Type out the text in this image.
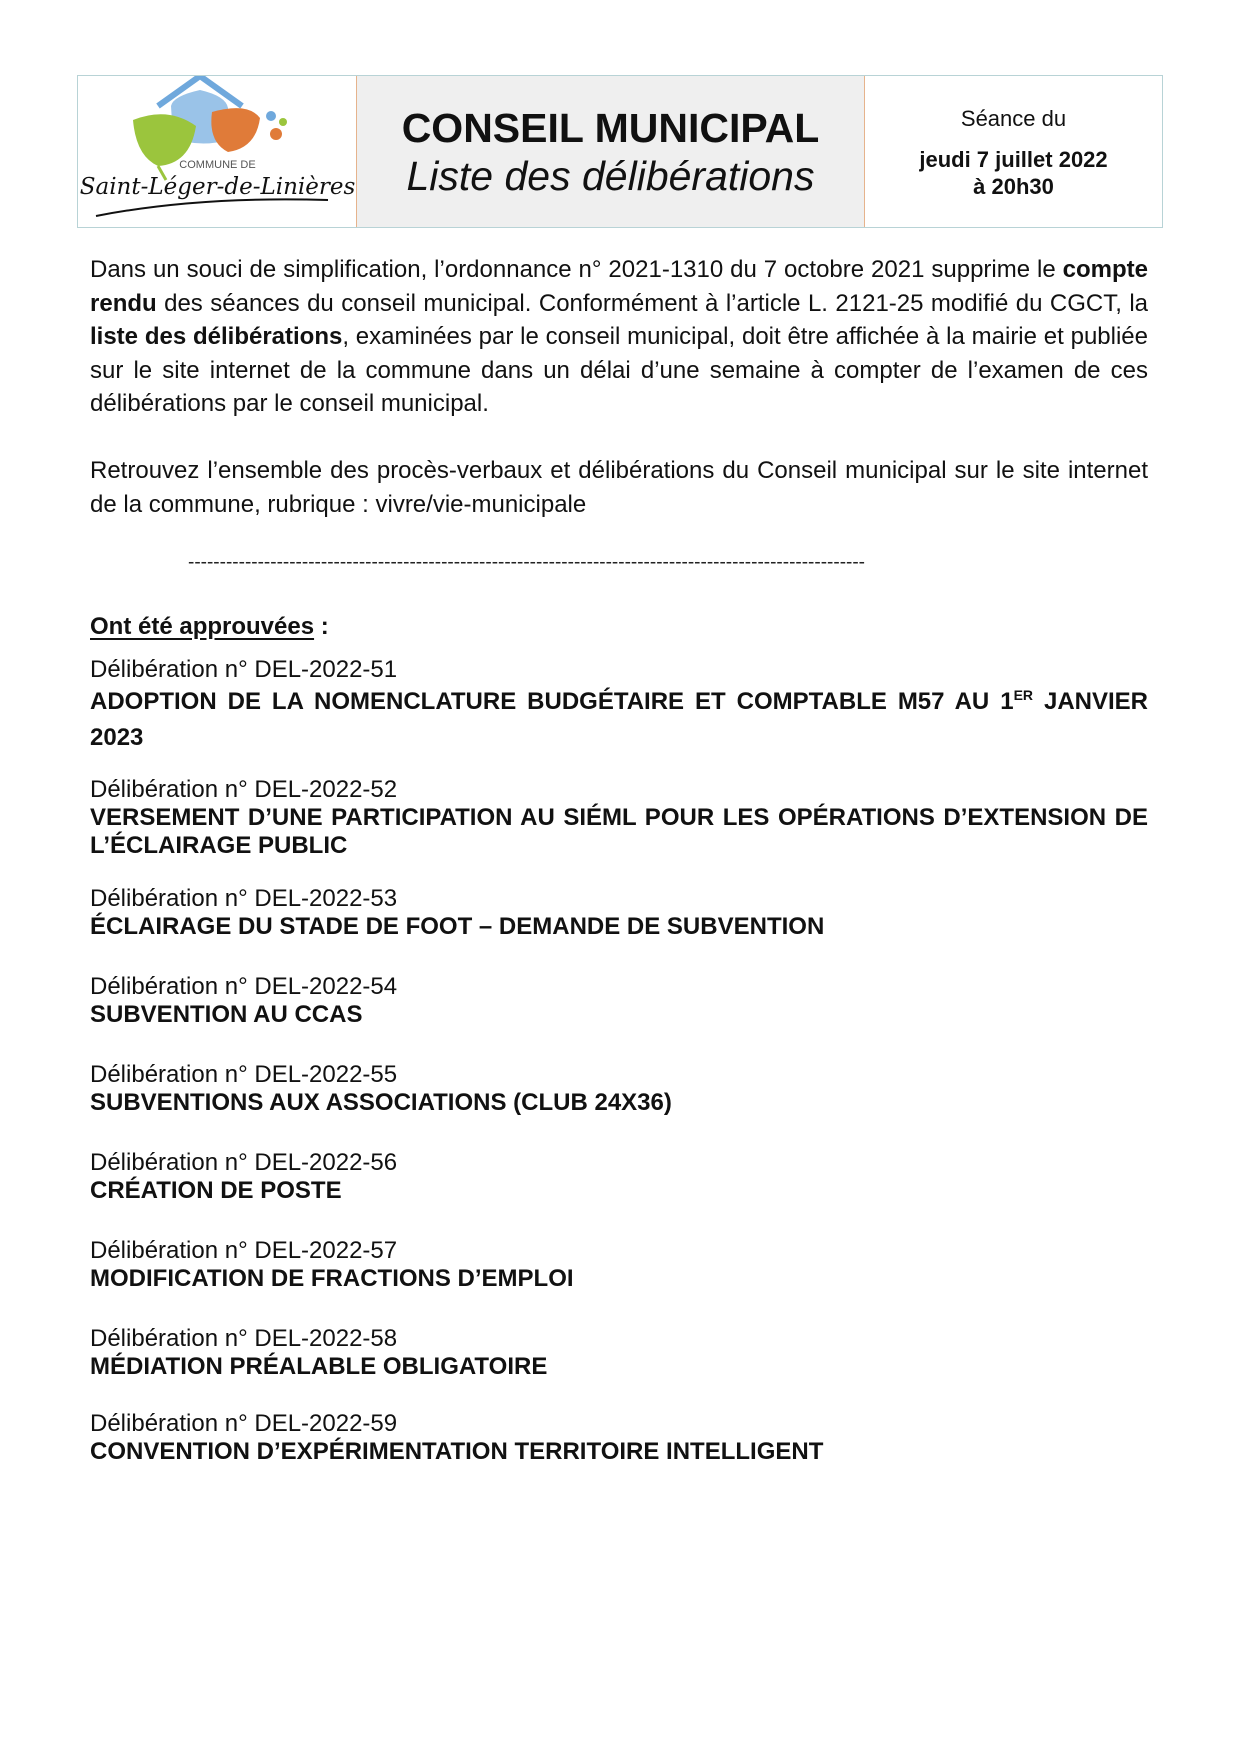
COMMUNE DE
Saint-Léger-de-Linières
CONSEIL MUNICIPAL
Liste des délibérations
Séance du
jeudi 7 juillet 2022
à 20h30

Dans un souci de simplification, l’ordonnance n° 2021-1310 du 7 octobre 2021 supprime le compte rendu des séances du conseil municipal. Conformément à l’article L. 2121-25 modifié du CGCT, la liste des délibérations, examinées par le conseil municipal, doit être affichée à la mairie et publiée sur le site internet de la commune dans un délai d’une semaine à compter de l’examen de ces délibérations par le conseil municipal.

Retrouvez l’ensemble des procès-verbaux et délibérations du Conseil municipal sur le site internet de la commune, rubrique : vivre/vie-municipale

-----------------------------------------------------------------------------------------------------------
Ont été approuvées :
Délibération n° DEL-2022-51
ADOPTION DE LA NOMENCLATURE BUDGÉTAIRE ET COMPTABLE M57 AU 1ER JANVIER 2023
Délibération n° DEL-2022-52
VERSEMENT D’UNE PARTICIPATION AU SIÉML POUR LES OPÉRATIONS D’EXTENSION DE L’ÉCLAIRAGE PUBLIC
Délibération n° DEL-2022-53
ÉCLAIRAGE DU STADE DE FOOT – DEMANDE DE SUBVENTION
Délibération n° DEL-2022-54
SUBVENTION AU CCAS
Délibération n° DEL-2022-55
SUBVENTIONS AUX ASSOCIATIONS (CLUB 24X36)
Délibération n° DEL-2022-56
CRÉATION DE POSTE
Délibération n° DEL-2022-57
MODIFICATION DE FRACTIONS D’EMPLOI
Délibération n° DEL-2022-58
MÉDIATION PRÉALABLE OBLIGATOIRE
Délibération n° DEL-2022-59
CONVENTION D’EXPÉRIMENTATION TERRITOIRE INTELLIGENT
